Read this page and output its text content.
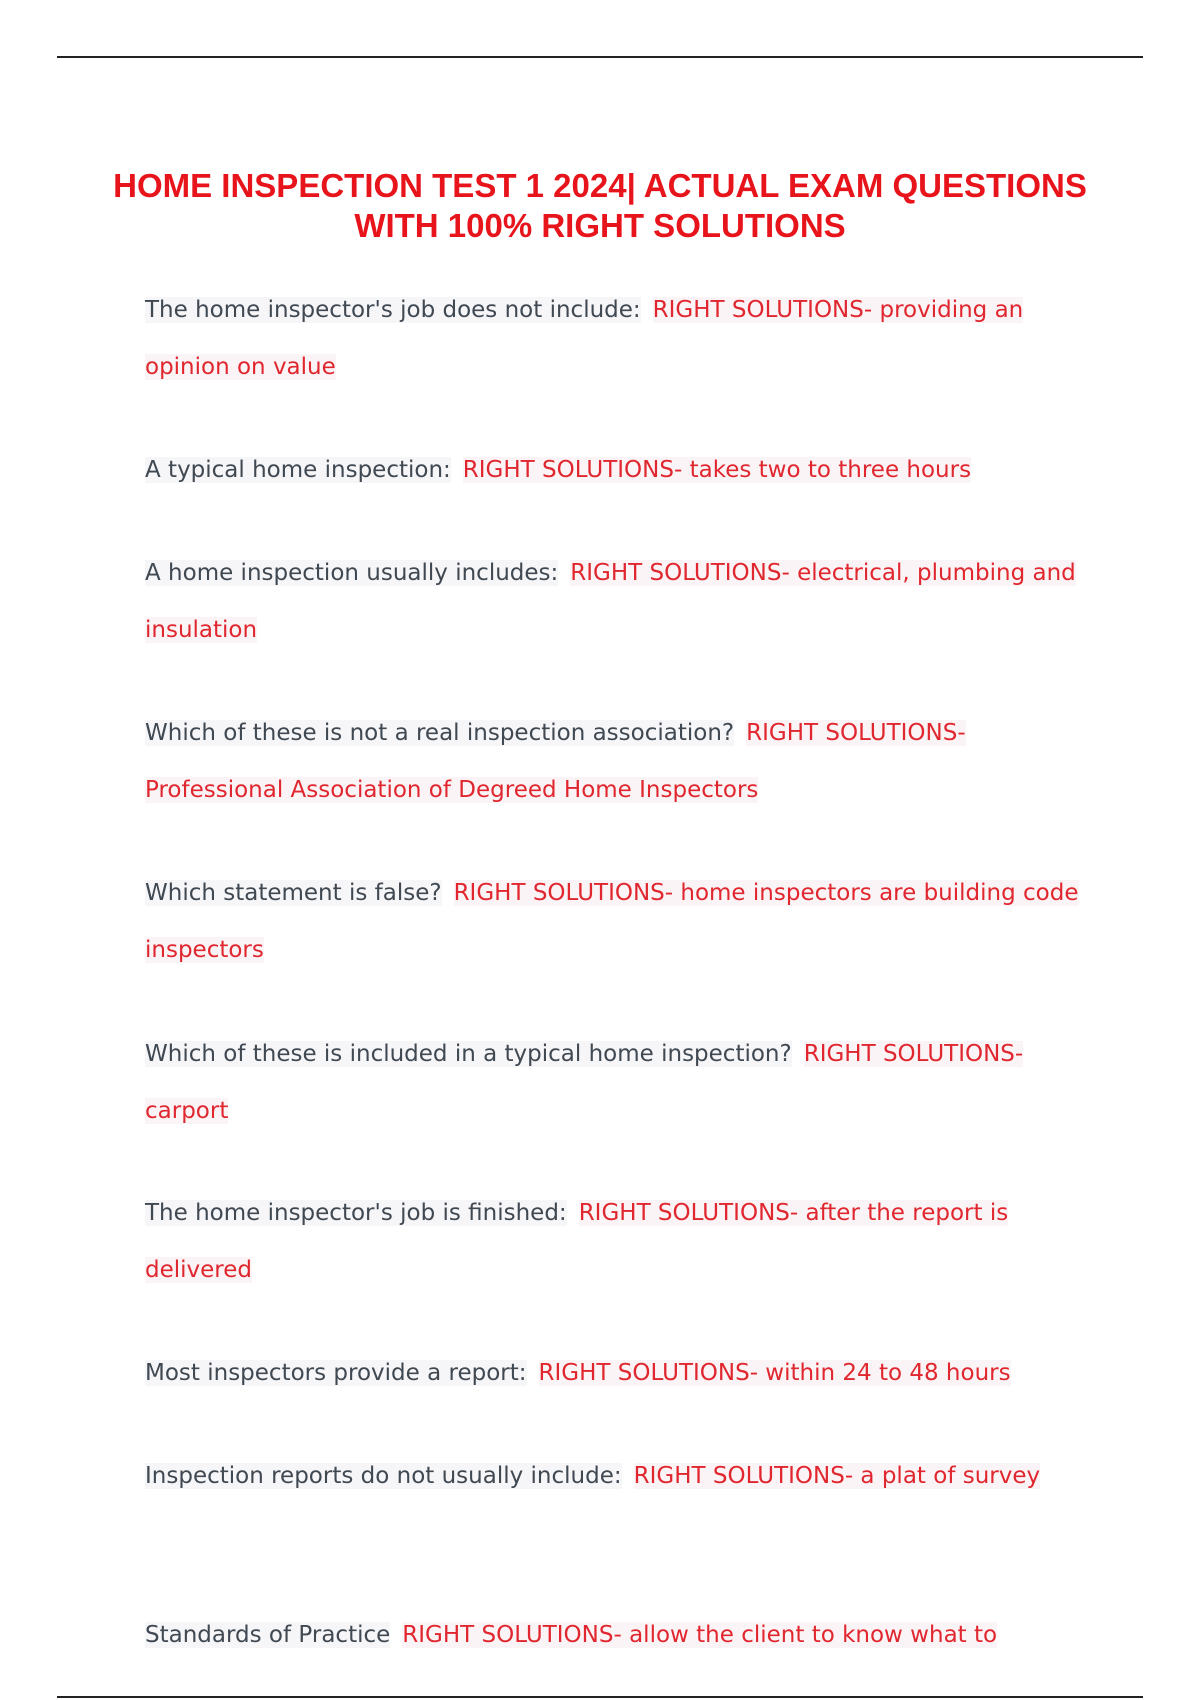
HOME INSPECTION TEST 1 2024| ACTUAL EXAM QUESTIONS WITH 100% RIGHT SOLUTIONS

The home inspector's job does not include: RIGHT SOLUTIONS- providing an opinion on value

A typical home inspection: RIGHT SOLUTIONS- takes two to three hours

A home inspection usually includes: RIGHT SOLUTIONS- electrical, plumbing and insulation

Which of these is not a real inspection association? RIGHT SOLUTIONS- Professional Association of Degreed Home Inspectors

Which statement is false? RIGHT SOLUTIONS- home inspectors are building code inspectors

Which of these is included in a typical home inspection? RIGHT SOLUTIONS- carport

The home inspector's job is finished: RIGHT SOLUTIONS- after the report is delivered

Most inspectors provide a report: RIGHT SOLUTIONS- within 24 to 48 hours

Inspection reports do not usually include: RIGHT SOLUTIONS- a plat of survey

Standards of Practice RIGHT SOLUTIONS- allow the client to know what to
